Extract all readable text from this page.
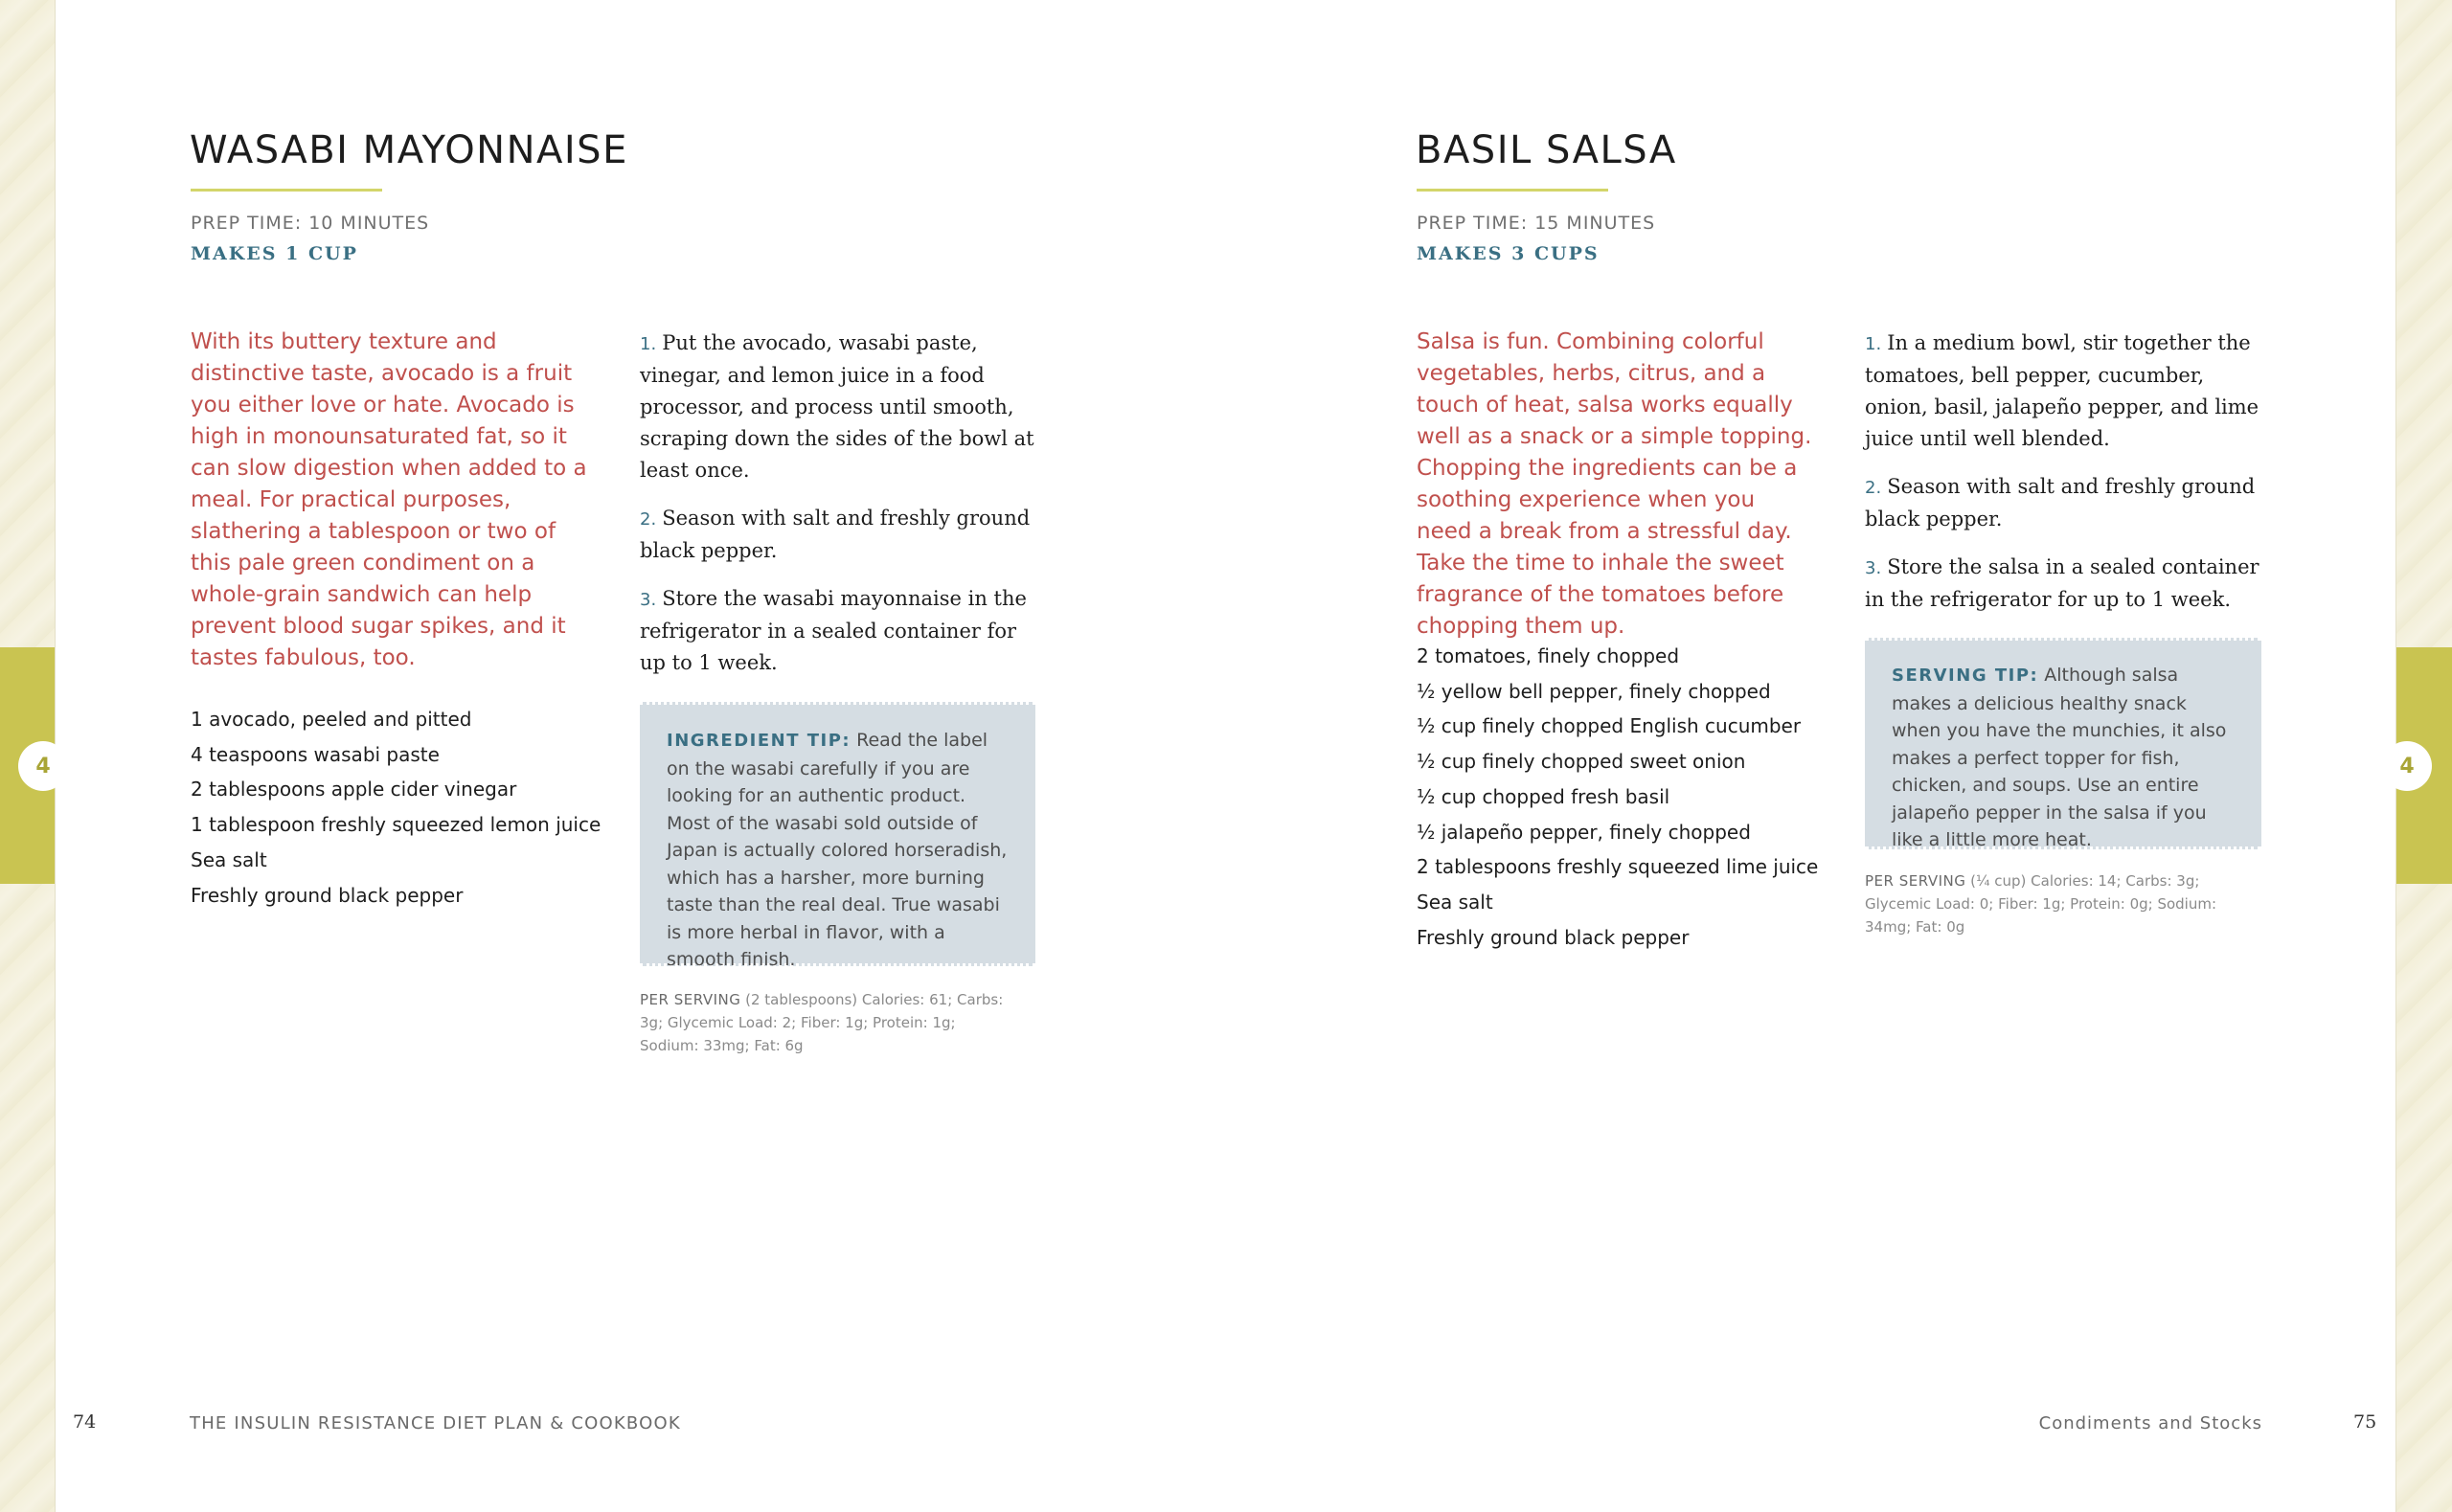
4	4
WASABI MAYONNAISE
PREP TIME: 10 MINUTES
MAKES 1 CUP

With its buttery texture and distinctive taste, avocado is a fruit you either love or hate. Avocado is high in monounsaturated fat, so it can slow digestion when added to a meal. For practical purposes, slathering a tablespoon or two of this pale green condiment on a whole-grain sandwich can help prevent blood sugar spikes, and it tastes fabulous, too.

1 avocado, peeled and pitted
4 teaspoons wasabi paste
2 tablespoons apple cider vinegar
1 tablespoon freshly squeezed lemon juice
Sea salt
Freshly ground black pepper
1. Put the avocado, wasabi paste, vinegar, and lemon juice in a food processor, and process until smooth, scraping down the sides of the bowl at least once.
2. Season with salt and freshly ground black pepper.
3. Store the wasabi mayonnaise in the refrigerator in a sealed container for up to 1 week.
INGREDIENT TIP: Read the label on the wasabi carefully if you are looking for an authentic product. Most of the wasabi sold outside of Japan is actually colored horseradish, which has a harsher, more burning taste than the real deal. True wasabi is more herbal in flavor, with a smooth finish.
PER SERVING (2 tablespoons) Calories: 61; Carbs: 3g; Glycemic Load: 2; Fiber: 1g; Protein: 1g; Sodium: 33mg; Fat: 6g
74	THE INSULIN RESISTANCE DIET PLAN & COOKBOOK
BASIL SALSA
PREP TIME: 15 MINUTES
MAKES 3 CUPS

Salsa is fun. Combining colorful vegetables, herbs, citrus, and a touch of heat, salsa works equally well as a snack or a simple topping. Chopping the ingredients can be a soothing experience when you need a break from a stressful day. Take the time to inhale the sweet fragrance of the tomatoes before chopping them up.

2 tomatoes, finely chopped
½ yellow bell pepper, finely chopped
½ cup finely chopped English cucumber
½ cup finely chopped sweet onion
½ cup chopped fresh basil
½ jalapeño pepper, finely chopped
2 tablespoons freshly squeezed lime juice
Sea salt
Freshly ground black pepper
1. In a medium bowl, stir together the tomatoes, bell pepper, cucumber, onion, basil, jalapeño pepper, and lime juice until well blended.
2. Season with salt and freshly ground black pepper.
3. Store the salsa in a sealed container in the refrigerator for up to 1 week.
SERVING TIP: Although salsa makes a delicious healthy snack when you have the munchies, it also makes a perfect topper for fish, chicken, and soups. Use an entire jalapeño pepper in the salsa if you like a little more heat.
PER SERVING (¼ cup) Calories: 14; Carbs: 3g; Glycemic Load: 0; Fiber: 1g; Protein: 0g; Sodium: 34mg; Fat: 0g
Condiments and Stocks	75
